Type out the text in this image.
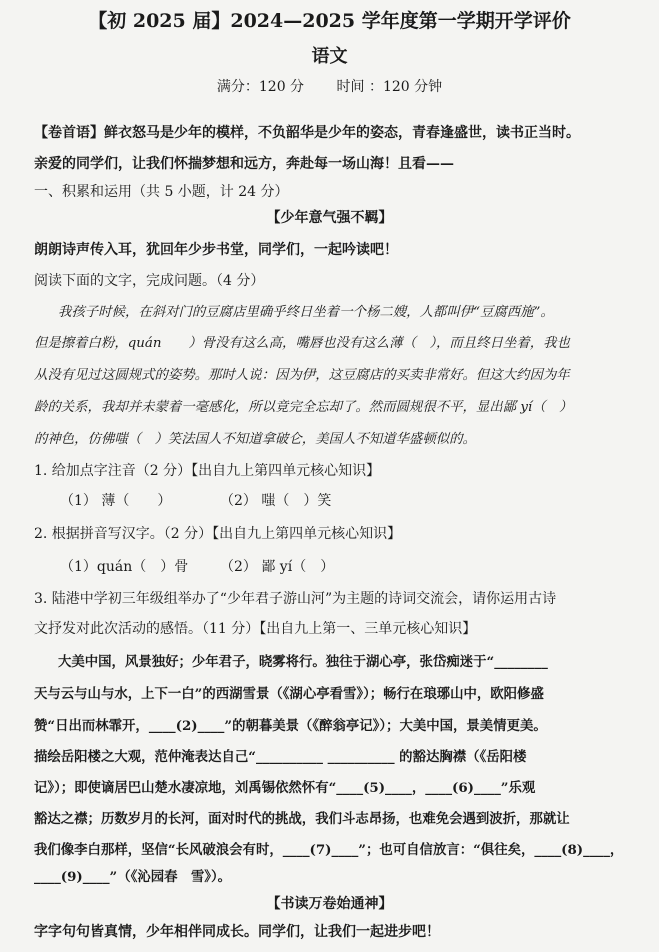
【初 2025 届】2024—2025 学年度第一学期开学评价
语文
满分：120 分 时间 ：120 分钟
【卷首语】鲜衣怒马是少年的模样，不负韶华是少年的姿态，青春逢盛世，读书正当时。
亲爱的同学们，让我们怀揣梦想和远方，奔赴每一场山海！且看——
一、积累和运用（共 5 小题，计 24 分）
【少年意气强不羁】
朗朗诗声传入耳，犹回年少步书堂，同学们，一起吟读吧！
阅读下面的文字，完成问题。（4 分）
我孩子时候，在斜对门的豆腐店里确乎终日坐着一个杨二嫂，人都叫伊“豆腐西施”。
但是擦着白粉，quán　　）骨没有这么高，嘴唇也没有这么薄（　），而且终日坐着，我也
从没有见过这圆规式的姿势。那时人说：因为伊，这豆腐店的买卖非常好。但这大约因为年
龄的关系，我却并未蒙着一毫感化，所以竟完全忘却了。然而圆规很不平，显出鄙 yí（　）
的神色，仿佛嗤（　）笑法国人不知道拿破仑，美国人不知道华盛顿似的。
1. 给加点字注音（2 分）【出自九上第四单元核心知识】
（1） 薄（　　）	（2） 嗤（　）笑
2. 根据拼音写汉字。（2 分）【出自九上第四单元核心知识】
（1）quán（　）骨	（2） 鄙 yí（　）
3. 陆港中学初三年级组举办了“少年君子游山河”为主题的诗词交流会，请你运用古诗
文抒发对此次活动的感悟。（11 分）【出自九上第一、三单元核心知识】
大美中国，风景独好；少年君子，晓雾将行。独往于湖心亭，张岱痴迷于“________
天与云与山与水，上下一白”的西湖雪景（《湖心亭看雪》）；畅行在琅琊山中，欧阳修盛
赞“日出而林霏开，____(2)____”的朝暮美景（《醉翁亭记》）；大美中国，景美情更美。
描绘岳阳楼之大观，范仲淹表达自己“__________ __________ 的豁达胸襟（《岳阳楼
记》）；即使谪居巴山楚水凄凉地，刘禹锡依然怀有“____(5)____，____(6)____”乐观
豁达之襟；历数岁月的长河，面对时代的挑战，我们斗志昂扬，也难免会遇到波折，那就让
我们像李白那样，坚信“长风破浪会有时，____(7)____”；也可自信放言：“俱往矣，____(8)____，
____(9)____”（《沁园春　雪》）。
【书读万卷始通神】
字字句句皆真情，少年相伴同成长。同学们，让我们一起进步吧！
